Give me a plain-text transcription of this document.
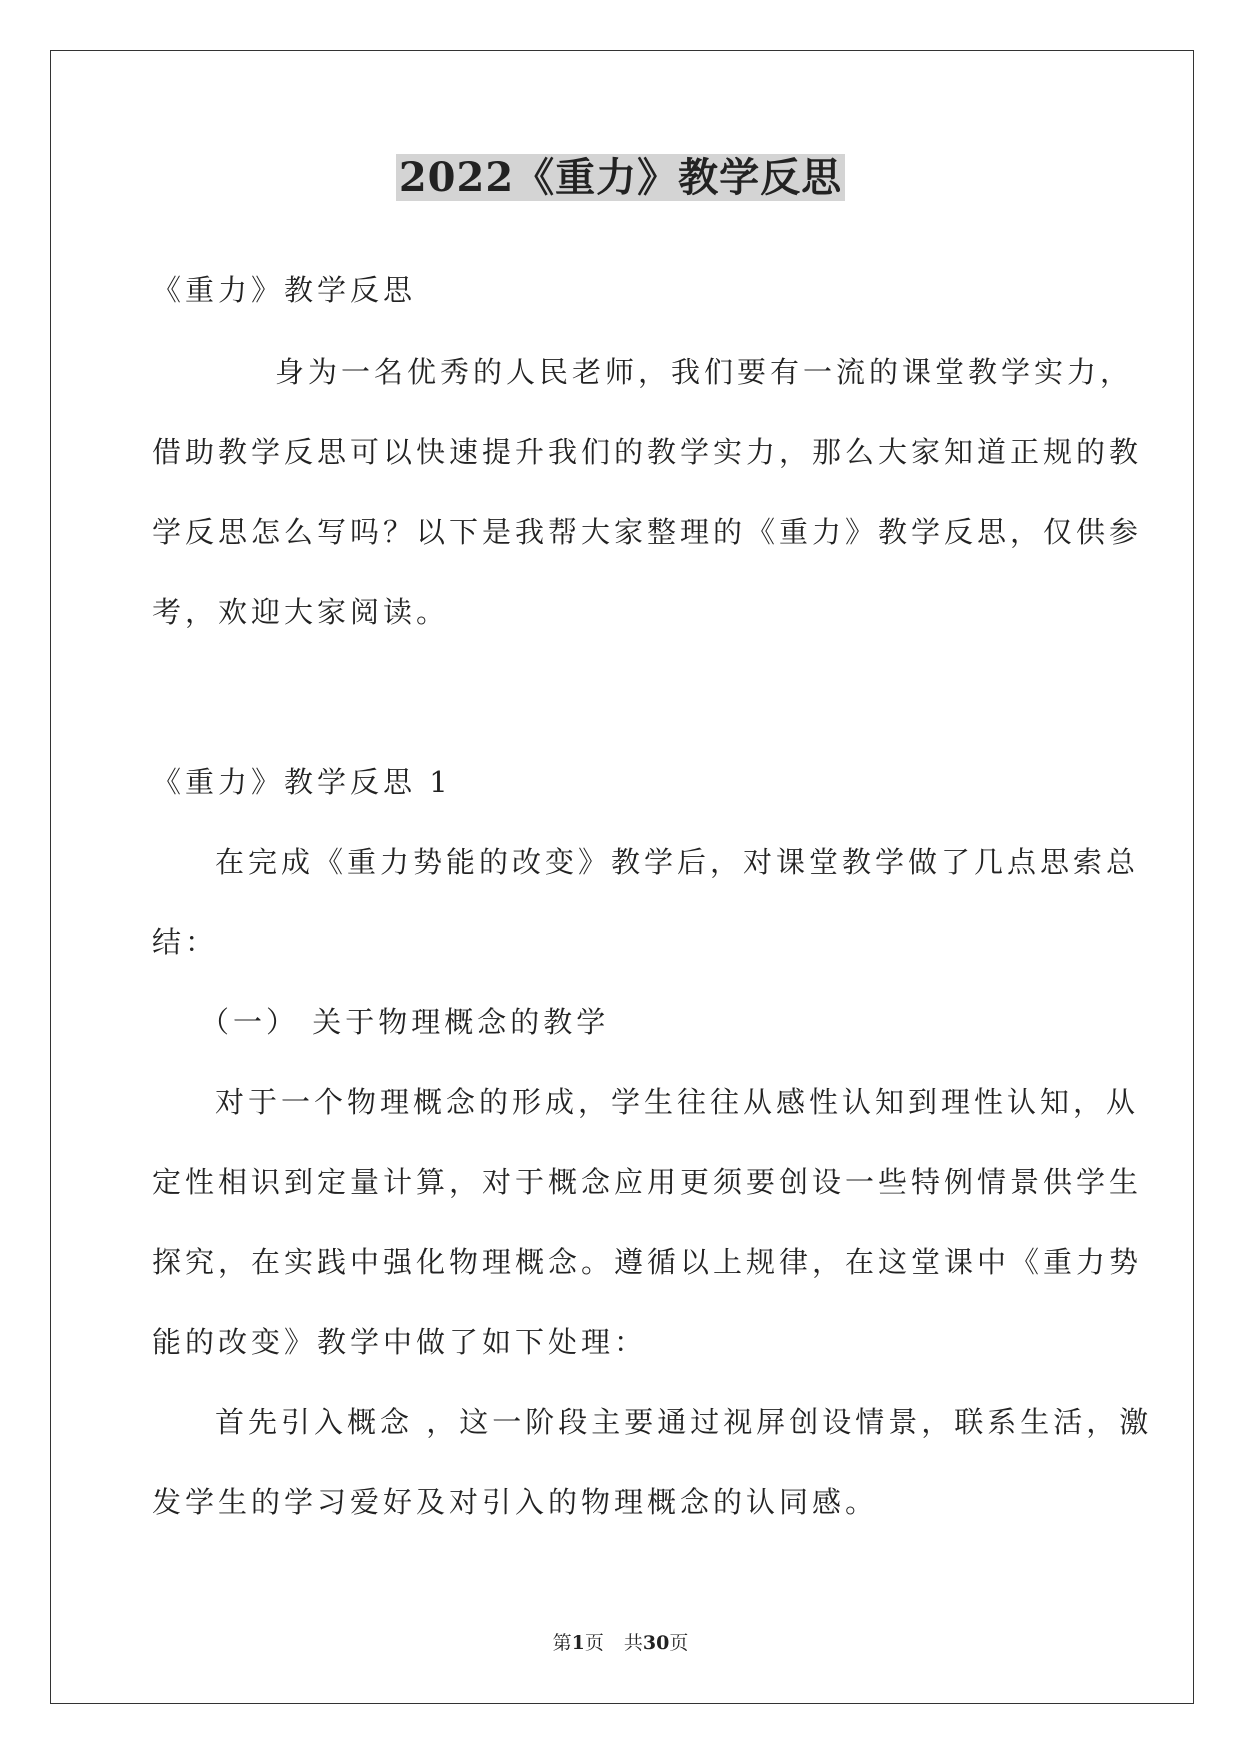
2022《重力》教学反思

《重力》教学反思

身为一名优秀的人民老师，我们要有一流的课堂教学实力，

借助教学反思可以快速提升我们的教学实力，那么大家知道正规的教

学反思怎么写吗？以下是我帮大家整理的《重力》教学反思，仅供参

考，欢迎大家阅读。

《重力》教学反思 1

在完成《重力势能的改变》教学后，对课堂教学做了几点思索总

结：

（一） 关于物理概念的教学

对于一个物理概念的形成，学生往往从感性认知到理性认知，从

定性相识到定量计算，对于概念应用更须要创设一些特例情景供学生

探究，在实践中强化物理概念。遵循以上规律，在这堂课中《重力势

能的改变》教学中做了如下处理：

首先引入概念 ，这一阶段主要通过视屏创设情景，联系生活，激

发学生的学习爱好及对引入的物理概念的认同感。

第1页 共30页
